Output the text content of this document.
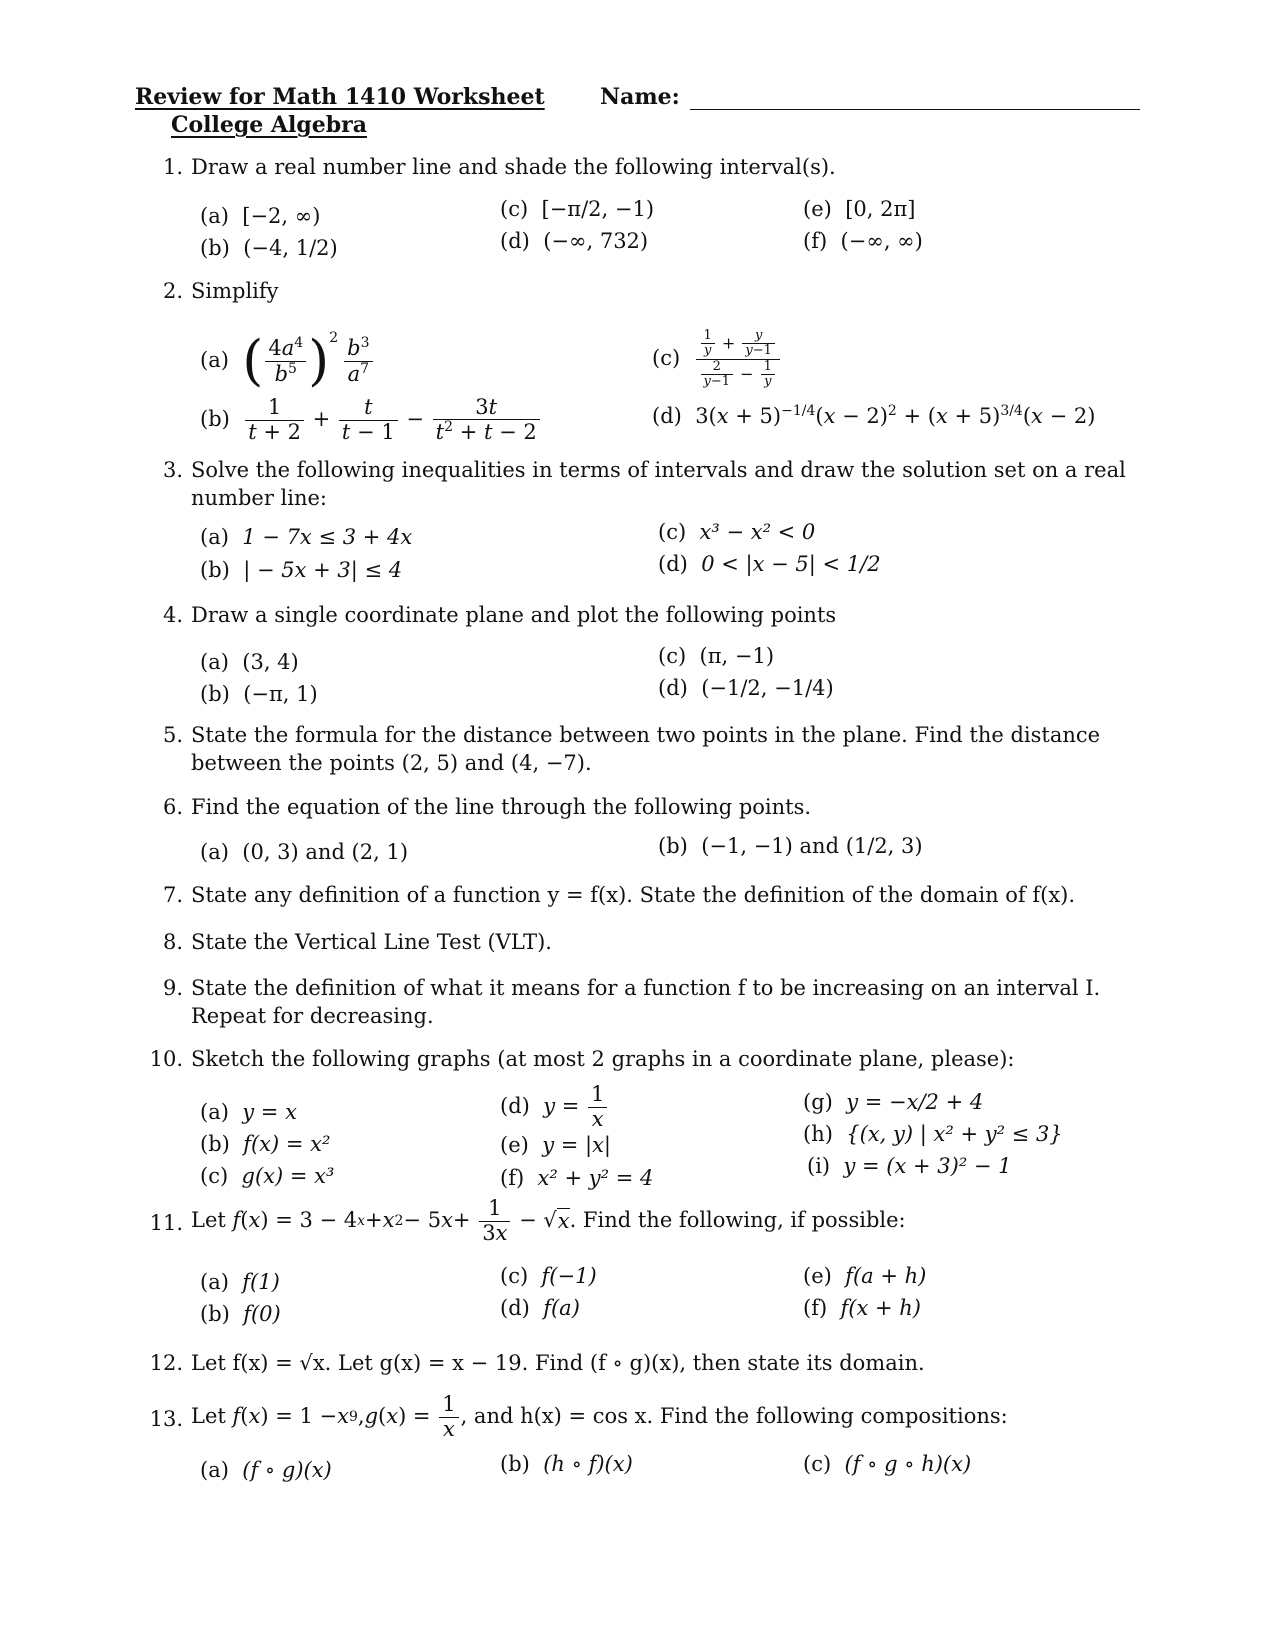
Review for Math 1410 Worksheet
College Algebra
Name:
1. Draw a real number line and shade the following interval(s).
(a) [−2, ∞)
(b) (−4, 1/2)
(c) [−π/2, −1)
(d) (−∞, 732)
(e) [0, 2π]
(f) (−∞, ∞)
2. Simplify
(a)
( $\frac{4a^4}{b^5} )^2 \frac{b^3}{a^7}$
(b)
$\frac{1}{t + 2} + \frac{t}{t - 1} - \frac{3t}{t^2 + t - 2}$
(c)
$\frac{\frac{1}{y} + \frac{y}{y-1}}{\frac{2}{y-1} - \frac{1}{y}}$
(d)  $3(x + 5)^{-1/4}(x - 2)^2 + (x + 5)^{3/4}(x - 2)$
3. Solve the following inequalities in terms of intervals and draw the solution set on a real number line:
(a) 1 − 7x ≤ 3 + 4x
(b) | − 5x + 3| ≤ 4
(c) x³ − x² < 0
(d) 0 < |x − 5| < 1/2
4. Draw a single coordinate plane and plot the following points
(a) (3, 4)
(b) (−π, 1)
(c) (π, −1)
(d) (−1/2, −1/4)
5. State the formula for the distance between two points in the plane. Find the distance between the points (2, 5) and (4, −7).
6. Find the equation of the line through the following points.
(a) (0, 3) and (2, 1)	(b) (−1, −1) and (1/2, 3)
7. State any definition of a function y = f(x). State the definition of the domain of f(x).
8. State the Vertical Line Test (VLT).
9. State the definition of what it means for a function f to be increasing on an interval I. Repeat for decreasing.
10. Sketch the following graphs (at most 2 graphs in a coordinate plane, please):
(a) y = x
(b) f(x) = x²
(c) g(x) = x³
(d)
$y = \frac{1}{x}$
(e) y = |x|
(f) x² + y² = 4
(g) y = −x/2 + 4
(h) {(x, y) | x² + y² ≤ 3}
(i) y = (x + 3)² − 1
11. Let
f ( x ) = 3 − 4 x + x 2 − 5 $x + \frac{1}{3x}$ − √ x . Find the following, if possible:
(a) f(1)
(b) f(0)
(c) f(−1)
(d) f(a)
(e) f(a + h)
(f) f(x + h)
12. Let f(x) = √x. Let g(x) = x − 19. Find (f ∘ g)(x), then state its domain.
13. Let
f ( x ) = 1 − x 9 , g ( x ) = $\frac{1}{x}$ , and h(x) = cos x. Find the following compositions:
(a) (f ∘ g)(x)	(b) (h ∘ f)(x)	(c) (f ∘ g ∘ h)(x)
